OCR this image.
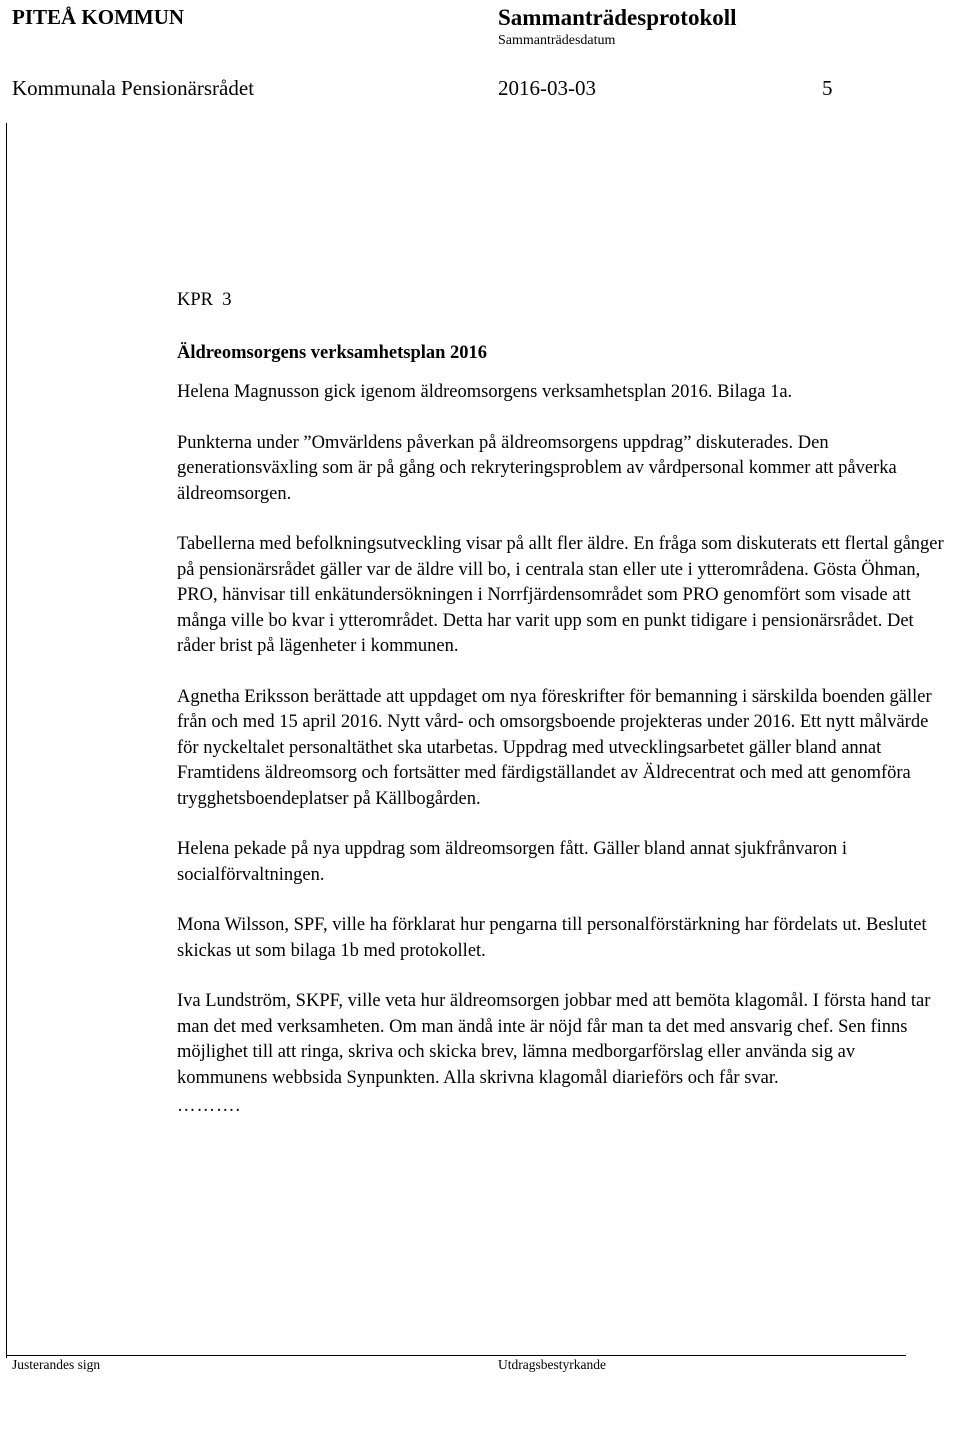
PITEÅ KOMMUN	Sammanträdesprotokoll
Sammanträdesdatum
Kommunala Pensionärsrådet	2016-03-03	5

KPR  3

Äldreomsorgens verksamhetsplan 2016

Helena Magnusson gick igenom äldreomsorgens verksamhetsplan 2016. Bilaga 1a.

Punkterna under ”Omvärldens påverkan på äldreomsorgens uppdrag” diskuterades. Den generationsväxling som är på gång och rekryteringsproblem av vårdpersonal kommer att påverka äldreomsorgen.

Tabellerna med befolkningsutveckling visar på allt fler äldre. En fråga som diskuterats ett flertal gånger på pensionärsrådet gäller var de äldre vill bo, i centrala stan eller ute i ytterområdena. Gösta Öhman, PRO, hänvisar till enkätundersökningen i Norrfjärdensområdet som PRO genomfört som visade att många ville bo kvar i ytterområdet. Detta har varit upp som en punkt tidigare i pensionärsrådet. Det råder brist på lägenheter i kommunen.

Agnetha Eriksson berättade att uppdaget om nya föreskrifter för bemanning i särskilda boenden gäller från och med 15 april 2016. Nytt vård- och omsorgsboende projekteras under 2016. Ett nytt målvärde för nyckeltalet personaltäthet ska utarbetas. Uppdrag med utvecklingsarbetet gäller bland annat Framtidens äldreomsorg och fortsätter med färdigställandet av Äldrecentrat och med att genomföra trygghetsboendeplatser på Källbogården.

Helena pekade på nya uppdrag som äldreomsorgen fått. Gäller bland annat sjukfrånvaron i socialförvaltningen.

Mona Wilsson, SPF, ville ha förklarat hur pengarna till personalförstärkning har fördelats ut. Beslutet skickas ut som bilaga 1b med protokollet.

Iva Lundström, SKPF, ville veta hur äldreomsorgen jobbar med att bemöta klagomål. I första hand tar man det med verksamheten. Om man ändå inte är nöjd får man ta det med ansvarig chef. Sen finns möjlighet till att ringa, skriva och skicka brev, lämna medborgarförslag eller använda sig av kommunens webbsida Synpunkten. Alla skrivna klagomål diarieförs och får svar.

……….

Justerandes sign	Utdragsbestyrkande
